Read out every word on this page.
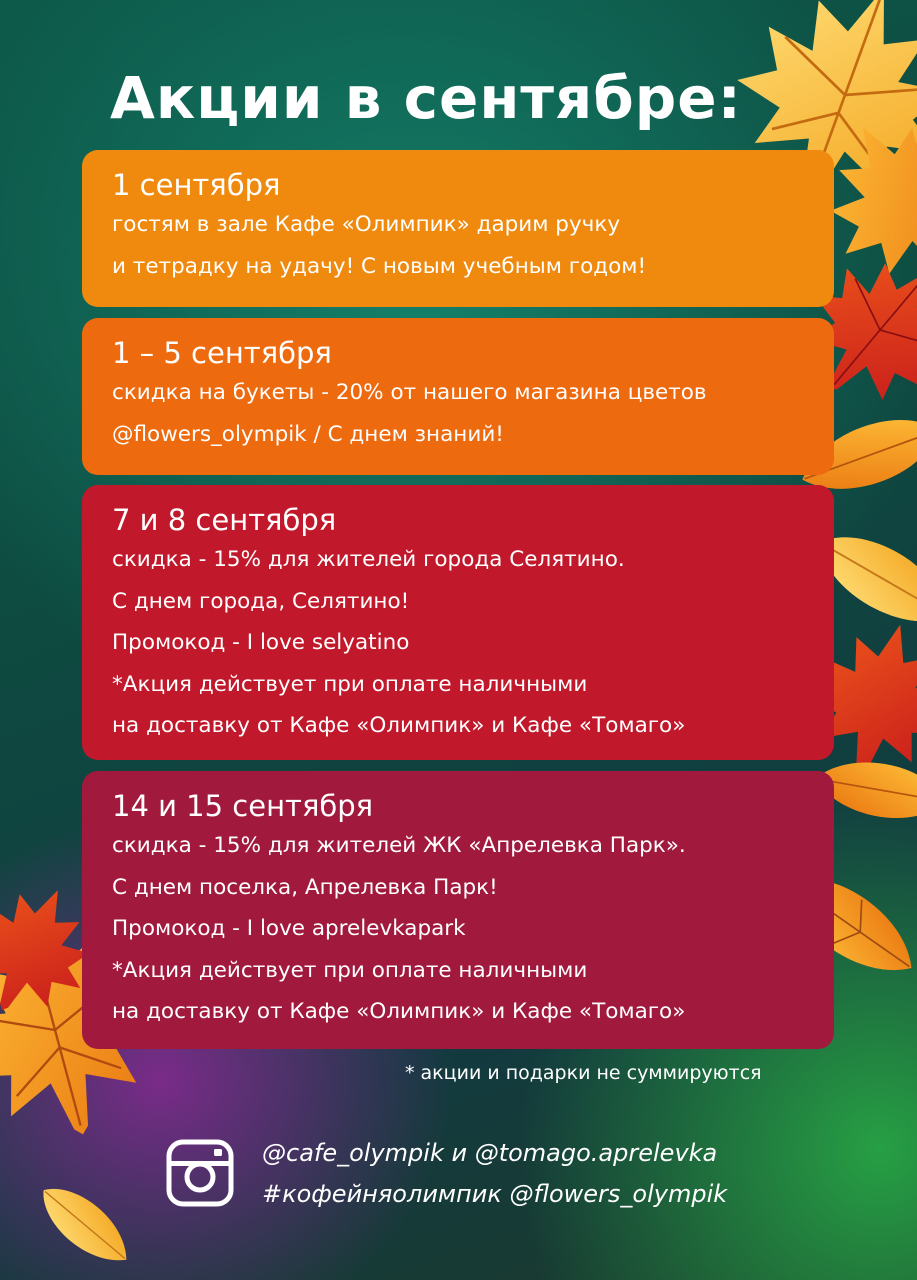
Акции в сентябре:
1 сентября
гостям в зале Кафе «Олимпик» дарим ручку
и тетрадку на удачу! С новым учебным годом!
1 – 5 сентября
скидка на букеты - 20% от нашего магазина цветов
@flowers_olympik / С днем знаний!
7 и 8 сентября
скидка - 15% для жителей города Селятино.
С днем города, Селятино!
Промокод - I love selyatino
*Акция действует при оплате наличными
на доставку от Кафе «Олимпик» и Кафе «Томаго»
14 и 15 сентября
скидка - 15% для жителей ЖК «Апрелевка Парк».
С днем поселка, Апрелевка Парк!
Промокод - I love aprelevkapark
*Акция действует при оплате наличными
на доставку от Кафе «Олимпик» и Кафе «Томаго»
* акции и подарки не суммируются
@cafe_olympik и @tomago.aprelevka
#кофейняолимпик @flowers_olympik
